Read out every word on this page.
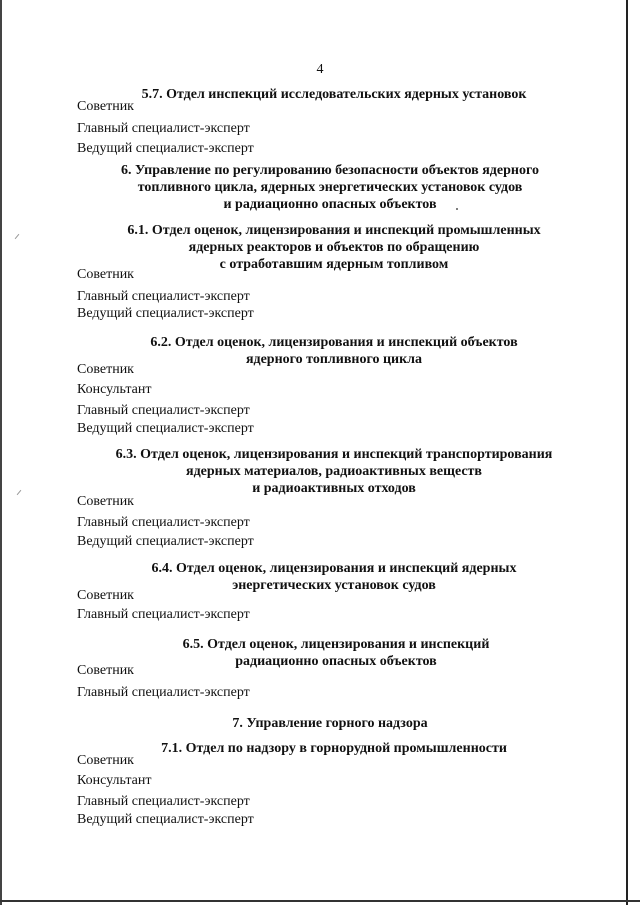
4
5.7. Отдел инспекций исследовательских ядерных установок
Советник
Главный специалист-эксперт
Ведущий специалист-эксперт
6. Управление по регулированию безопасности объектов ядерного
топливного цикла, ядерных энергетических установок судов
и радиационно опасных объектов
6.1. Отдел оценок, лицензирования и инспекций промышленных
ядерных реакторов и объектов по обращению
с отработавшим ядерным топливом
Советник
Главный специалист-эксперт
Ведущий специалист-эксперт
6.2. Отдел оценок, лицензирования и инспекций объектов
ядерного топливного цикла
Советник
Консультант
Главный специалист-эксперт
Ведущий специалист-эксперт
6.3. Отдел оценок, лицензирования и инспекций транспортирования
ядерных материалов, радиоактивных веществ
и радиоактивных отходов
Советник
Главный специалист-эксперт
Ведущий специалист-эксперт
6.4. Отдел оценок, лицензирования и инспекций ядерных
энергетических установок судов
Советник
Главный специалист-эксперт
6.5. Отдел оценок, лицензирования и инспекций
радиационно опасных объектов
Советник
Главный специалист-эксперт
7. Управление горного надзора
7.1. Отдел по надзору в горнорудной промышленности
Советник
Консультант
Главный специалист-эксперт
Ведущий специалист-эксперт
